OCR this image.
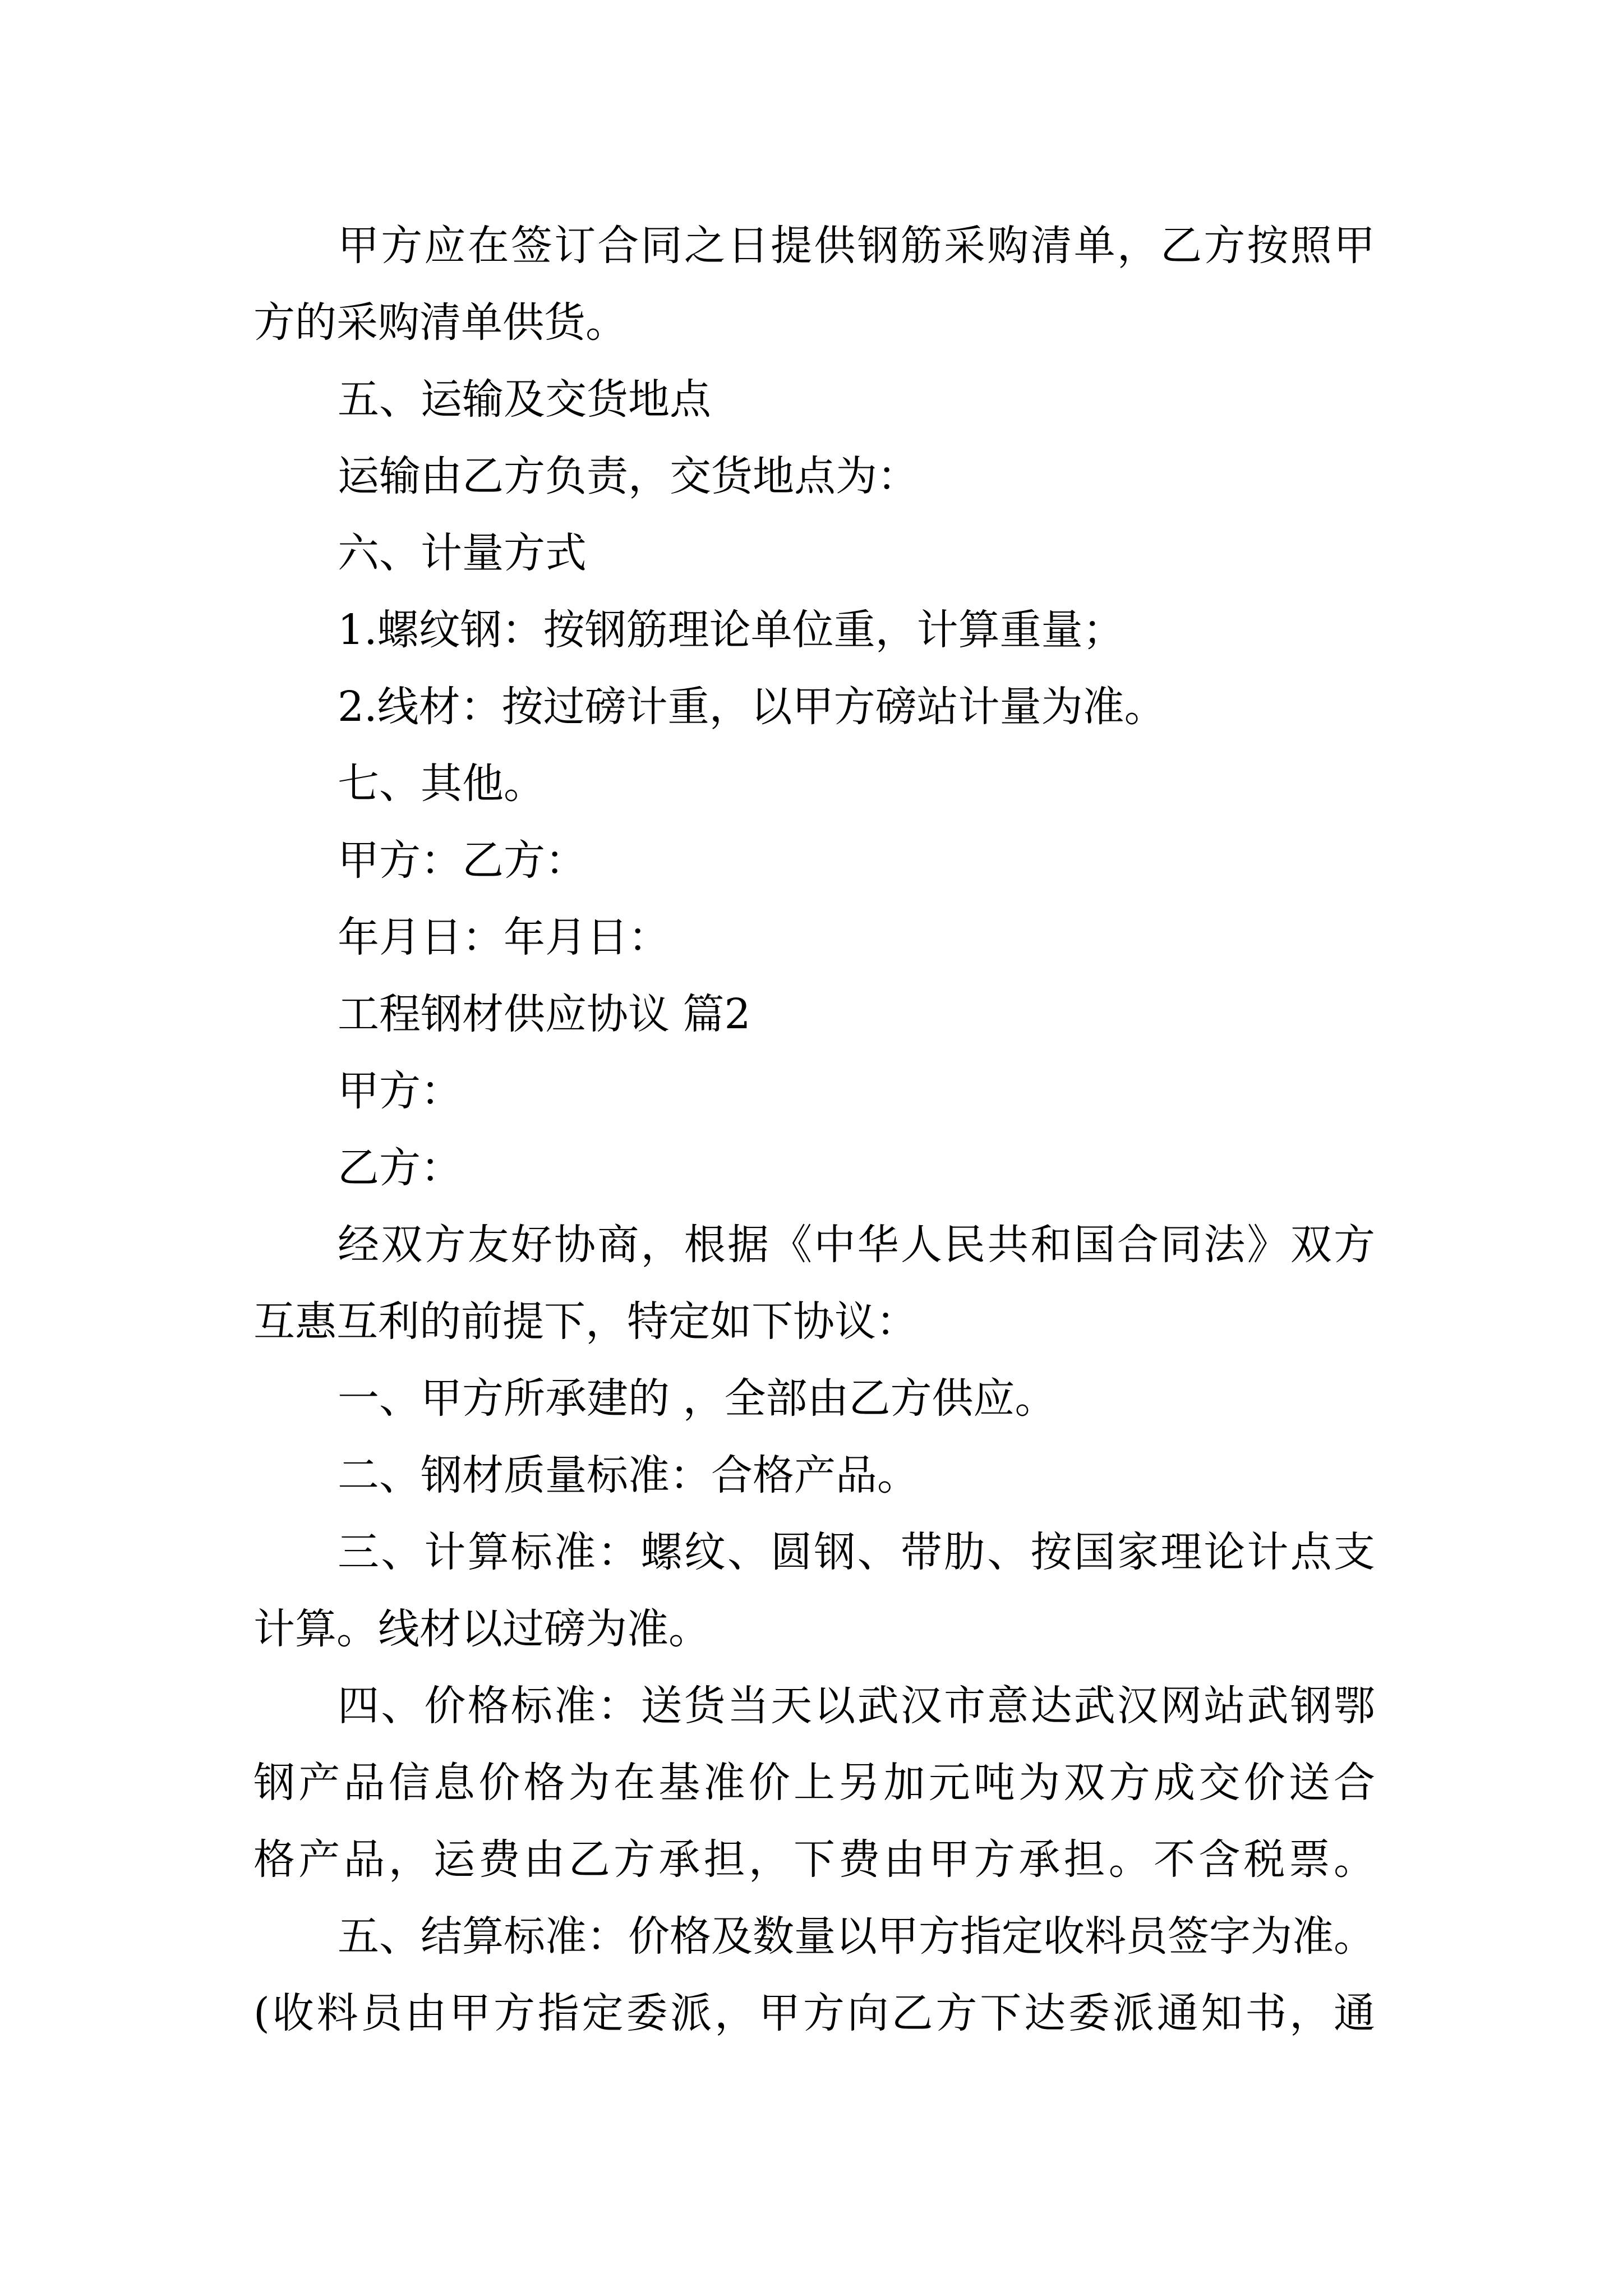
甲方应在签订合同之日提供钢筋采购清单，乙方按照甲

方的采购清单供货。

五、运输及交货地点

运输由乙方负责，交货地点为：

六、计量方式

1.螺纹钢：按钢筋理论单位重，计算重量；

2.线材：按过磅计重，以甲方磅站计量为准。

七、其他。

甲方：乙方：

年月日：年月日：

工程钢材供应协议 篇2

甲方：

乙方：

经双方友好协商，根据《中华人民共和国合同法》双方

互惠互利的前提下，特定如下协议：

一、甲方所承建的 ，全部由乙方供应。

二、钢材质量标准：合格产品。

三、计算标准：螺纹、圆钢、带肋、按国家理论计点支

计算。线材以过磅为准。

四、价格标准：送货当天以武汉市意达武汉网站武钢鄂

钢产品信息价格为在基准价上另加元吨为双方成交价送合

格产品，运费由乙方承担，下费由甲方承担。不含税票。

五、结算标准：价格及数量以甲方指定收料员签字为准。

(收料员由甲方指定委派，甲方向乙方下达委派通知书，通
